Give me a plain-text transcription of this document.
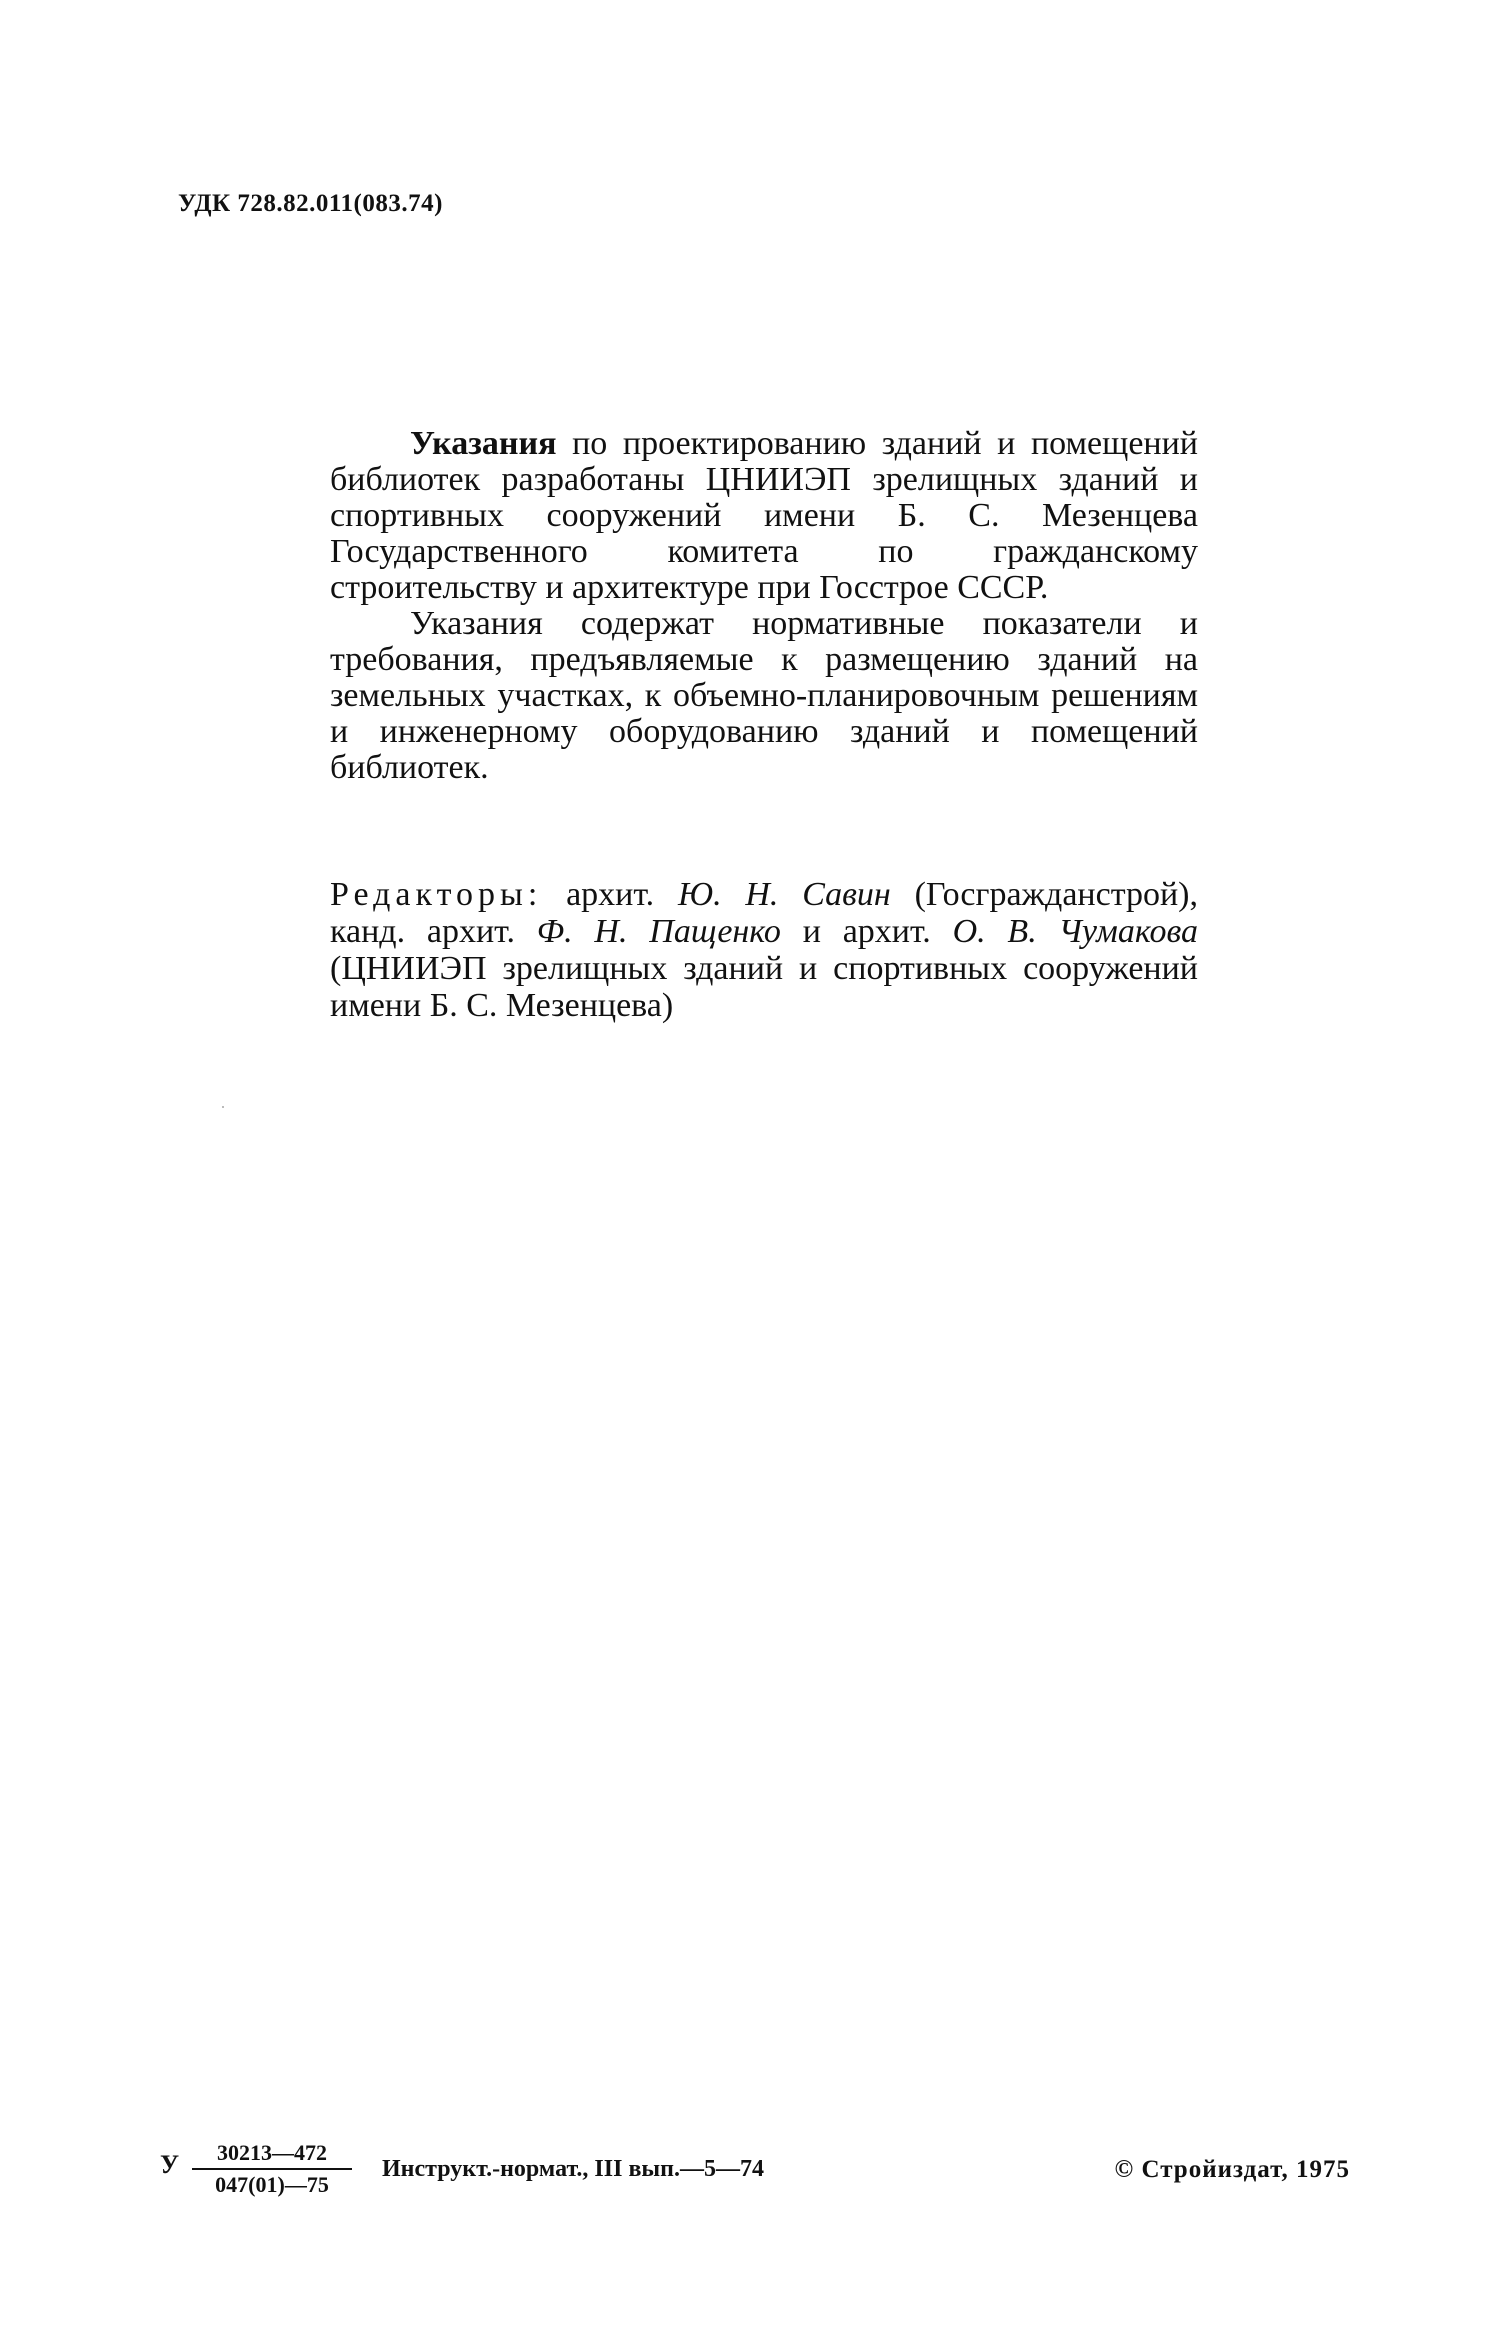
УДК 728.82.011(083.74)

Указания по проектированию зданий и помещений библиотек разработаны ЦНИИЭП зрелищных зданий и спортивных сооружений имени Б. С. Мезенцева Государственного комитета по гражданскому строительству и архитектуре при Госстрое СССР.

Указания содержат нормативные показатели и требования, предъявляемые к размещению зданий на земельных участках, к объемно-планировочным решениям и инженерному оборудованию зданий и помещений библиотек.

Редакторы: архит. Ю. Н. Савин (Госгражданстрой), канд. архит. Ф. Н. Пащенко и архит. О. В. Чумакова (ЦНИИЭП зрелищных зданий и спортивных сооружений имени Б. С. Мезенцева)
У	30213—472
047(01)—75
Инструкт.-нормат., III вып.—5—74	© Стройиздат, 1975
